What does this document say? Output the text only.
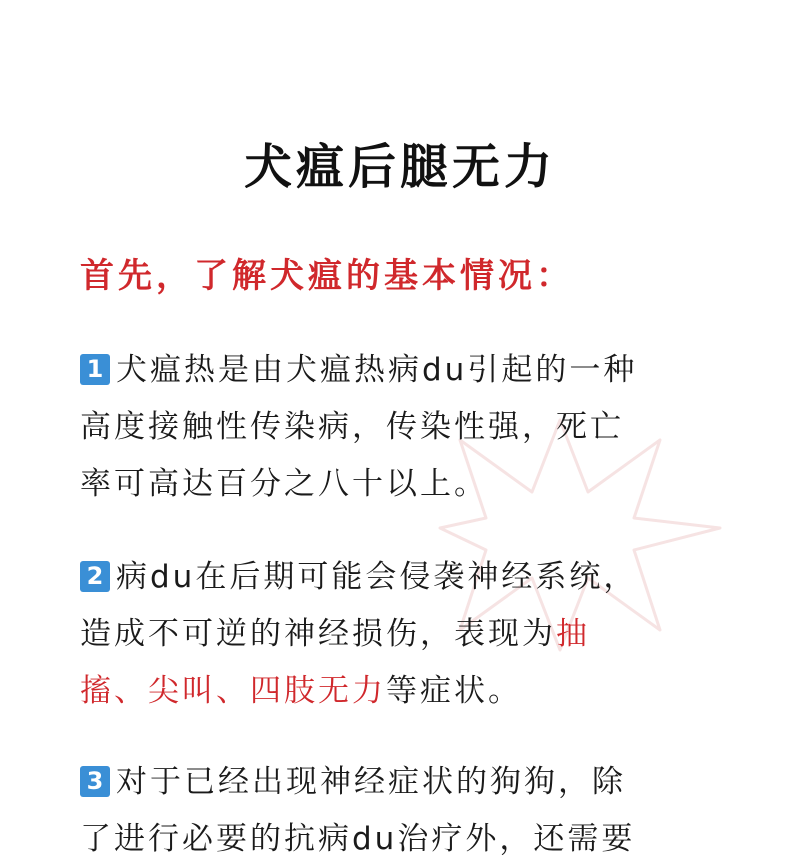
犬瘟后腿无力
首先，了解犬瘟的基本情况：
1 犬瘟热是由犬瘟热病du引起的一种
高度接触性传染病，传染性强，死亡
率可高达百分之八十以上。
2 病du在后期可能会侵袭神经系统，
造成不可逆的神经损伤，表现为抽
搐、尖叫、四肢无力等症状。
3 对于已经出现神经症状的狗狗，除
了进行必要的抗病du治疗外，还需要
